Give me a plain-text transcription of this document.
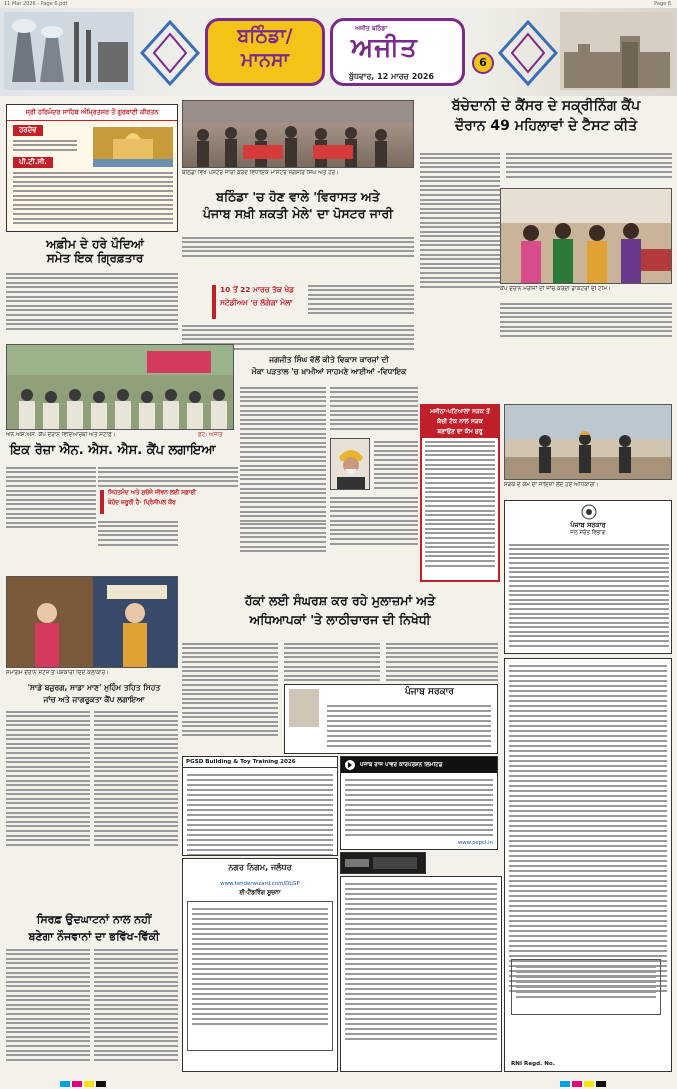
11 Mar 2026 - Page 6.pdf	Page 6
ਬਠਿੰਡਾ/
ਮਾਨਸਾ
ਅਜੀਤ ਬਠਿੰਡਾ
ਅਜੀਤ
ਬੁੱਧਵਾਰ, 12 ਮਾਰਚ 2026
6
ਸ੍ਰੀ ਹਰਿਮੰਦਰ ਸਾਹਿਬ ਅੰਮ੍ਰਿਤਸਰ ਤੋਂ ਗੁਰਬਾਣੀ ਕੀਰਤਨ
ਹਰਦੇਵ
ਪੀ.ਟੀ.ਸੀ.
ਅਫ਼ੀਮ ਦੇ ਹਰੇ ਪੌਦਿਆਂ
ਸਮੇਤ ਇਕ ਗ੍ਰਿਫ਼ਤਾਰ
ਬਠਿੰਡਾ ਵਿਖੇ ਪੋਸਟਰ ਜਾਰੀ ਕਰਦੇ ਵਿਧਾਇਕ ਮਾਸਟਰ ਜਗਸੀਰ ਸਿੰਘ ਅਤੇ ਹੋਰ।
ਬਠਿੰਡਾ 'ਚ ਹੋਣ ਵਾਲੇ 'ਵਿਰਾਸਤ ਅਤੇ
ਪੰਜਾਬ ਸਖ਼ੀ ਸ਼ਕਤੀ ਮੇਲੇ' ਦਾ ਪੋਸਟਰ ਜਾਰੀ
10 ਤੋਂ 22 ਮਾਰਚ ਤੱਕ ਖੇਡ
ਸਟੇਡੀਅਮ 'ਚ ਲੱਗੇਗਾ ਮੇਲਾ
ਬੱਚੇਦਾਨੀ ਦੇ ਕੈਂਸਰ ਦੇ ਸਕ੍ਰੀਨਿੰਗ ਕੈਂਪ
ਦੌਰਾਨ 49 ਮਹਿਲਾਵਾਂ ਦੇ ਟੈਸਟ ਕੀਤੇ
ਕੈਂਪ ਦੌਰਾਨ ਮਰੀਜ਼ਾਂ ਦੀ ਜਾਂਚ ਕਰਦੀ ਡਾਕਟਰਾਂ ਦੀ ਟੀਮ।
ਐਨ.ਐਸ.ਐਸ. ਕੈਂਪ ਦੌਰਾਨ ਵਿਦਿਆਰਥੀ ਅਤੇ ਸਟਾਫ਼।	ਫ਼ੋਟੋ: ਅਜੀਤ
ਇਕ ਰੋਜ਼ਾ ਐਨ. ਐਸ. ਐਸ. ਕੈਂਪ ਲਗਾਇਆ
ਸਿਹਤਮੰਦ ਅਤੇ ਸੁਚੱਜੇ ਜੀਵਨ ਲਈ ਸਫ਼ਾਈ
ਬੇਹੱਦ ਜ਼ਰੂਰੀ ਹੈ- ਪ੍ਰਿੰਸੀਪਲ ਕੌਰ
ਜਗਜੀਤ ਸਿੰਘ ਵੱਲੋਂ ਕੀਤੇ ਵਿਕਾਸ ਕਾਰਜਾਂ ਦੀ
ਮੌਕਾ ਪੜਤਾਲ 'ਚ ਖ਼ਾਮੀਆਂ ਸਾਹਮਣੇ ਆਈਆਂ -ਵਿਧਾਇਕ
ਮਜੀਠਾ-ਪਟਿਆਲਾ ਸੜਕ ਤੋਂ
ਕੱਚੀ ਟੱਕ ਨਾਲ ਸੜਕ
ਬਣਾਉਣ ਦਾ ਕੰਮ ਸ਼ੁਰੂ
ਸੜਕ ਦੇ ਕੰਮ ਦਾ ਜਾਇਜ਼ਾ ਲੈਂਦੇ ਹੋਏ ਅਧਿਕਾਰੀ।
ਪੰਜਾਬ ਸਰਕਾਰ
ਜਲ ਸਰੋਤ ਵਿਭਾਗ
ਸਮਾਗਮ ਦੌਰਾਨ ਸਟੇਜ ਤੋਂ ਪੇਸ਼ਕਾਰੀ ਦਿੰਦੇ ਕਲਾਕਾਰ।
'ਸਾਡੇ ਬਜ਼ੁਰਗ, ਸਾਡਾ ਮਾਣ' ਮੁਹਿੰਮ ਤਹਿਤ ਸਿਹਤ
ਜਾਂਚ ਅਤੇ ਜਾਗਰੂਕਤਾ ਕੈਂਪ ਲਗਾਇਆ
ਸਿਰਫ਼ ਉਦਘਾਟਨਾਂ ਨਾਲ ਨਹੀਂ
ਬਣੇਗਾ ਨੌਜਵਾਨਾਂ ਦਾ ਭਵਿੱਖ-ਵਿੱਕੀ
ਹੱਕਾਂ ਲਈ ਸੰਘਰਸ਼ ਕਰ ਰਹੇ ਮੁਲਾਜ਼ਮਾਂ ਅਤੇ
ਅਧਿਆਪਕਾਂ 'ਤੇ ਲਾਠੀਚਾਰਜ ਦੀ ਨਿਖੇਧੀ
ਪੰਜਾਬ ਸਰਕਾਰ
PGSD Building & Toy Training 2026	ਪੰਜਾਬ ਰਾਜ ਪਾਵਰ ਕਾਰਪੋਰੇਸ਼ਨ ਲਿਮਟਿਡ
www.pspcl.in
ਨਗਰ ਨਿਗਮ, ਜਲੰਧਰ
www.tenderwizard.com/DLGP
ਈ-ਟੈਂਡਰਿੰਗ ਸੂਚਨਾ
RNI Regd. No.
